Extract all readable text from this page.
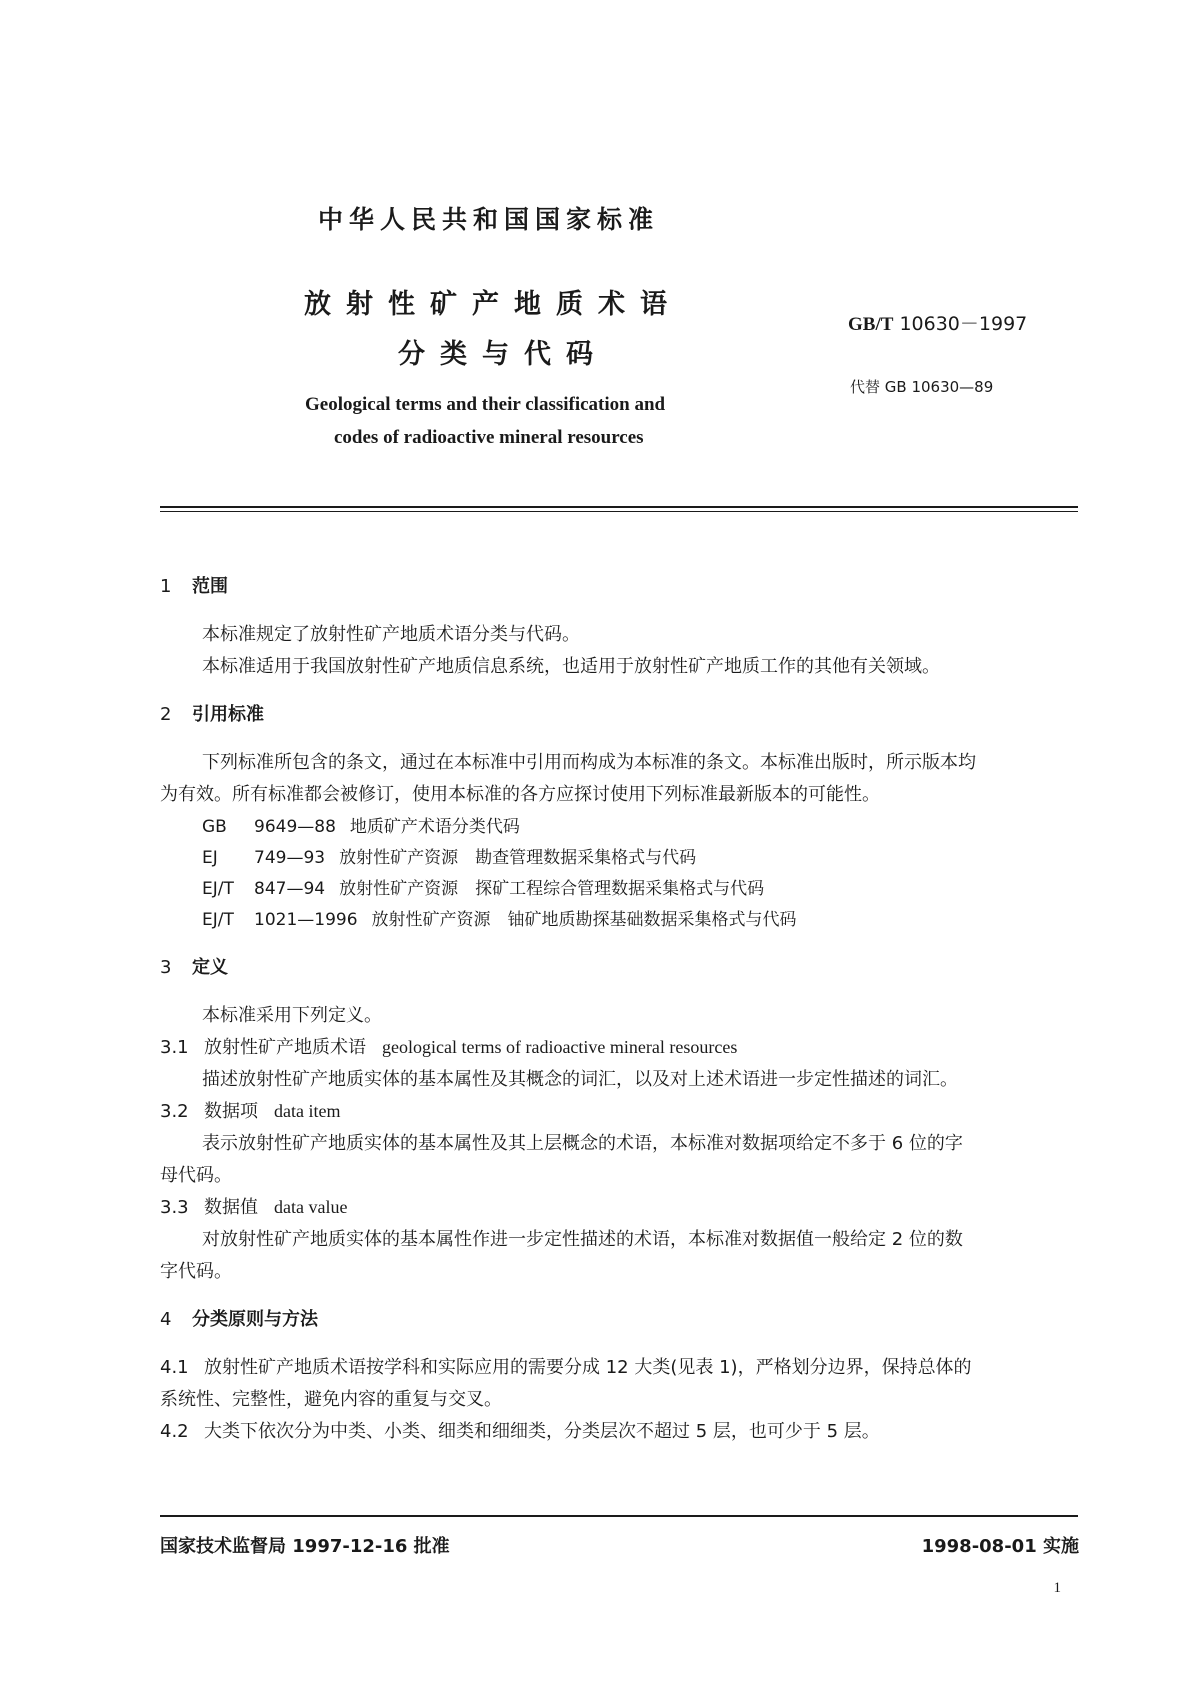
中华人民共和国国家标准
放射性矿产地质术语
分类与代码
Geological terms and their classification and
codes of radioactive mineral resources
GB/T 10630－1997
代替 GB 10630—89
1 范围
本标准规定了放射性矿产地质术语分类与代码。
本标准适用于我国放射性矿产地质信息系统，也适用于放射性矿产地质工作的其他有关领域。
2 引用标准
下列标准所包含的条文，通过在本标准中引用而构成为本标准的条文。本标准出版时，所示版本均
为有效。所有标准都会被修订，使用本标准的各方应探讨使用下列标准最新版本的可能性。
GB 9649—88 地质矿产术语分类代码
EJ 749—93 放射性矿产资源　勘查管理数据采集格式与代码
EJ/T 847—94 放射性矿产资源　探矿工程综合管理数据采集格式与代码
EJ/T 1021—1996 放射性矿产资源　铀矿地质勘探基础数据采集格式与代码
3 定义
本标准采用下列定义。
3.1 放射性矿产地质术语 geological terms of radioactive mineral resources
描述放射性矿产地质实体的基本属性及其概念的词汇，以及对上述术语进一步定性描述的词汇。
3.2 数据项 data item
表示放射性矿产地质实体的基本属性及其上层概念的术语，本标准对数据项给定不多于 6 位的字
母代码。
3.3 数据值 data value
对放射性矿产地质实体的基本属性作进一步定性描述的术语，本标准对数据值一般给定 2 位的数
字代码。
4 分类原则与方法
4.1 放射性矿产地质术语按学科和实际应用的需要分成 12 大类(见表 1)，严格划分边界，保持总体的
系统性、完整性，避免内容的重复与交叉。
4.2 大类下依次分为中类、小类、细类和细细类，分类层次不超过 5 层，也可少于 5 层。
国家技术监督局 1997-12-16 批准	1998-08-01 实施
1
